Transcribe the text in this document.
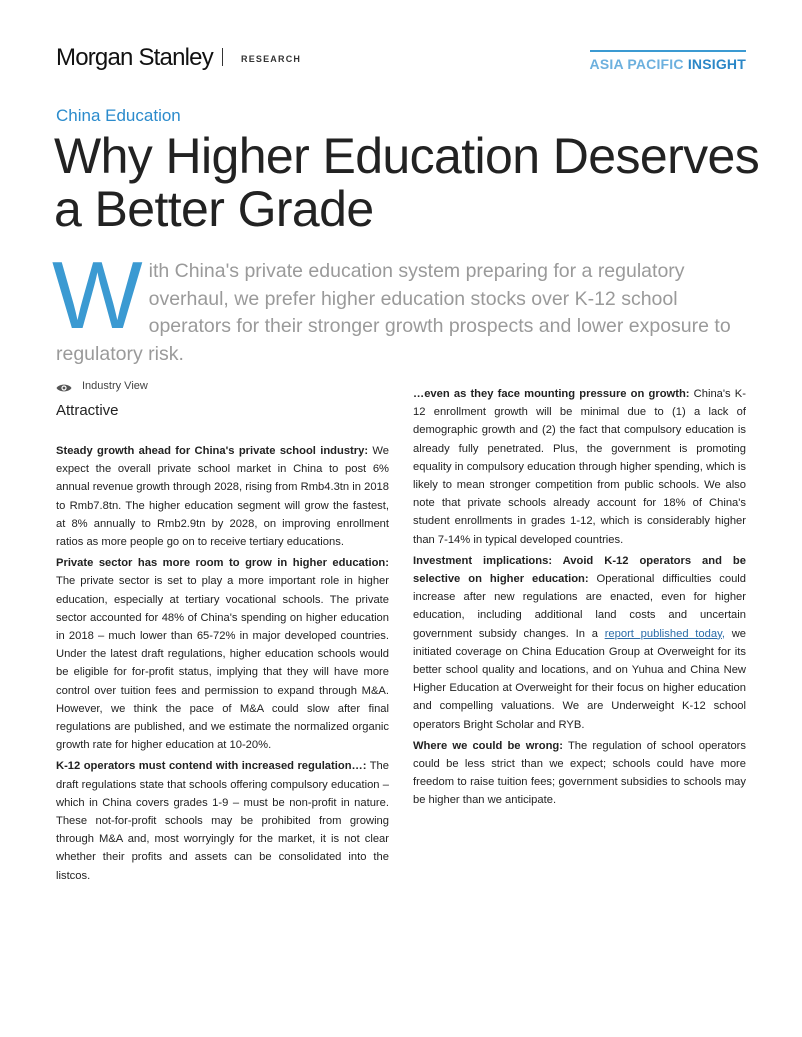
Morgan Stanley	RESEARCH	ASIA PACIFIC INSIGHT
China Education
Why Higher Education Deserves a Better Grade
With China's private education system preparing for a regulatory overhaul, we prefer higher education stocks over K-12 school operators for their stronger growth prospects and lower exposure to regulatory risk.
Industry View
Attractive

Steady growth ahead for China's private school industry: We expect the overall private school market in China to post 6% annual revenue growth through 2028, rising from Rmb4.3tn in 2018 to Rmb7.8tn. The higher education segment will grow the fastest, at 8% annually to Rmb2.9tn by 2028, on improving enrollment ratios as more people go on to receive tertiary educations.

Private sector has more room to grow in higher education: The private sector is set to play a more important role in higher education, especially at tertiary vocational schools. The private sector accounted for 48% of China's spending on higher education in 2018 – much lower than 65-72% in major developed countries. Under the latest draft regulations, higher education schools would be eligible for for-profit status, implying that they will have more control over tuition fees and permission to expand through M&A. However, we think the pace of M&A could slow after final regulations are published, and we estimate the normalized organic growth rate for higher education at 10-20%.

K-12 operators must contend with increased regulation…: The draft regulations state that schools offering compulsory education – which in China covers grades 1-9 – must be non-profit in nature. These not-for-profit schools may be prohibited from growing through M&A and, most worryingly for the market, it is not clear whether their profits and assets can be consolidated into the listcos.

…even as they face mounting pressure on growth: China's K-12 enrollment growth will be minimal due to (1) a lack of demographic growth and (2) the fact that compulsory education is already fully penetrated. Plus, the government is promoting equality in compulsory education through higher spending, which is likely to mean stronger competition from public schools. We also note that private schools already account for 18% of China's student enrollments in grades 1-12, which is considerably higher than 7-14% in typical developed countries.

Investment implications: Avoid K-12 operators and be selective on higher education: Operational difficulties could increase after new regulations are enacted, even for higher education, including additional land costs and uncertain government subsidy changes. In a report published today, we initiated coverage on China Education Group at Overweight for its better school quality and locations, and on Yuhua and China New Higher Education at Overweight for their focus on higher education and compelling valuations. We are Underweight K-12 school operators Bright Scholar and RYB.

Where we could be wrong: The regulation of school operators could be less strict than we expect; schools could have more freedom to raise tuition fees; government subsidies to schools may be higher than we anticipate.
